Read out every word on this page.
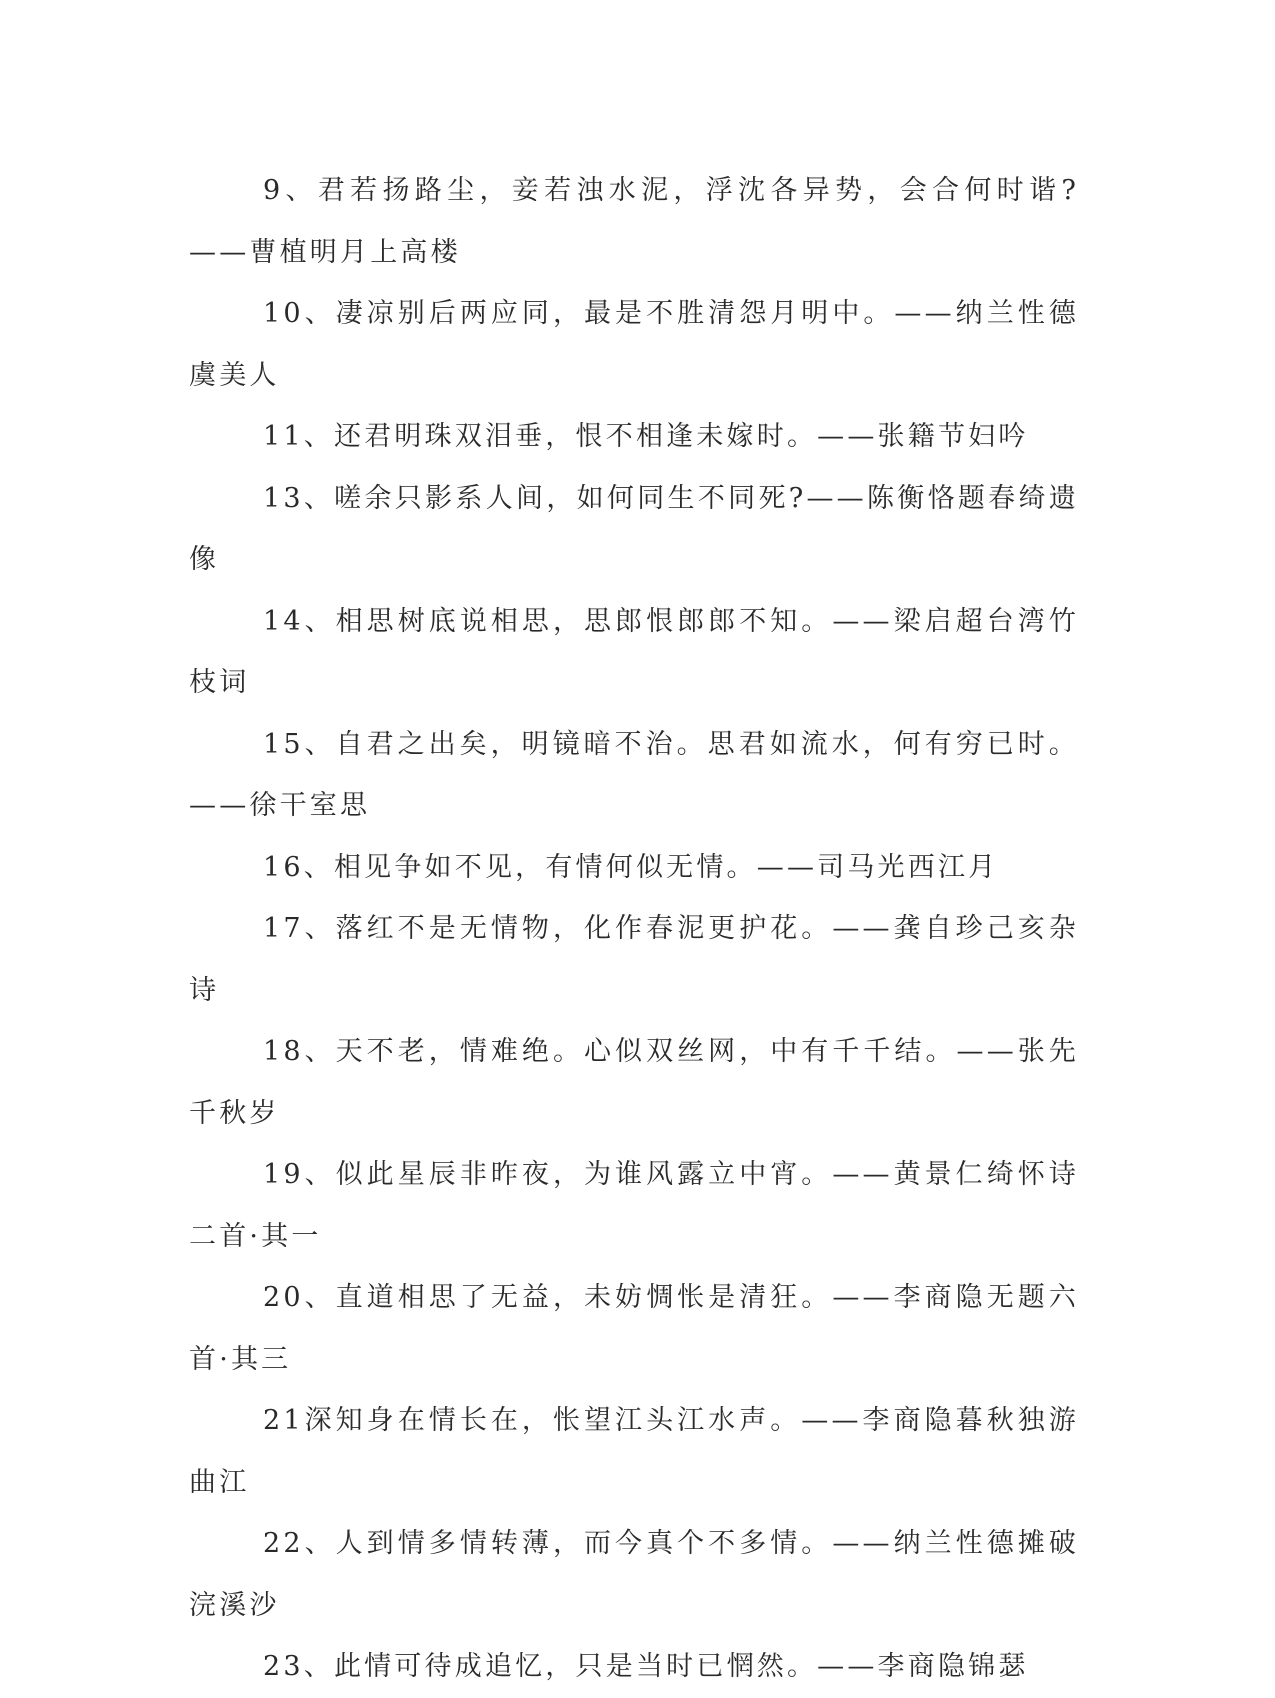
9、君若扬路尘，妾若浊水泥，浮沈各异势，会合何时谐?——曹植明月上高楼

10、凄凉别后两应同，最是不胜清怨月明中。——纳兰性德虞美人

11、还君明珠双泪垂，恨不相逢未嫁时。——张籍节妇吟

13、嗟余只影系人间，如何同生不同死?——陈衡恪题春绮遗像

14、相思树底说相思，思郎恨郎郎不知。——梁启超台湾竹枝词

15、自君之出矣，明镜暗不治。思君如流水，何有穷已时。——徐干室思

16、相见争如不见，有情何似无情。——司马光西江月

17、落红不是无情物，化作春泥更护花。——龚自珍己亥杂诗

18、天不老，情难绝。心似双丝网，中有千千结。——张先千秋岁

19、似此星辰非昨夜，为谁风露立中宵。——黄景仁绮怀诗二首·其一

20、直道相思了无益，未妨惆怅是清狂。——李商隐无题六首·其三

21深知身在情长在，怅望江头江水声。——李商隐暮秋独游曲江

22、人到情多情转薄，而今真个不多情。——纳兰性德摊破浣溪沙

23、此情可待成追忆，只是当时已惘然。——李商隐锦瑟
